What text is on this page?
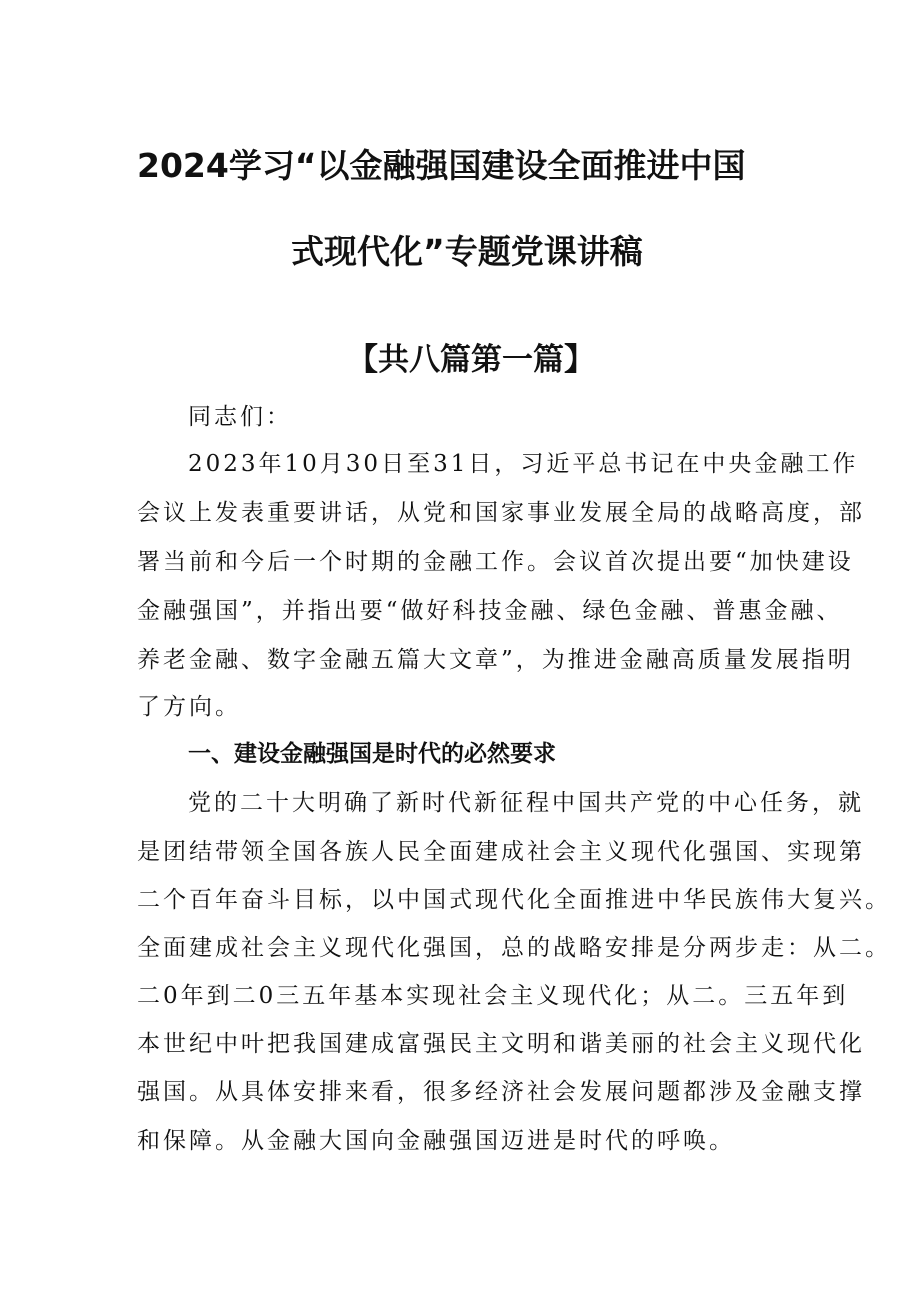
2024学习“以金融强国建设全面推进中国
式现代化”专题党课讲稿
【共八篇第一篇】
同志们：
2023年10月30日至31日，习近平总书记在中央金融工作
会议上发表重要讲话，从党和国家事业发展全局的战略高度，部
署当前和今后一个时期的金融工作。会议首次提出要“加快建设
金融强国”，并指出要“做好科技金融、绿色金融、普惠金融、
养老金融、数字金融五篇大文章”，为推进金融高质量发展指明
了方向。
一、建设金融强国是时代的必然要求
党的二十大明确了新时代新征程中国共产党的中心任务，就
是团结带领全国各族人民全面建成社会主义现代化强国、实现第
二个百年奋斗目标，以中国式现代化全面推进中华民族伟大复兴。
全面建成社会主义现代化强国，总的战略安排是分两步走：从二。
二0年到二0三五年基本实现社会主义现代化；从二。三五年到
本世纪中叶把我国建成富强民主文明和谐美丽的社会主义现代化
强国。从具体安排来看，很多经济社会发展问题都涉及金融支撑
和保障。从金融大国向金融强国迈进是时代的呼唤。
